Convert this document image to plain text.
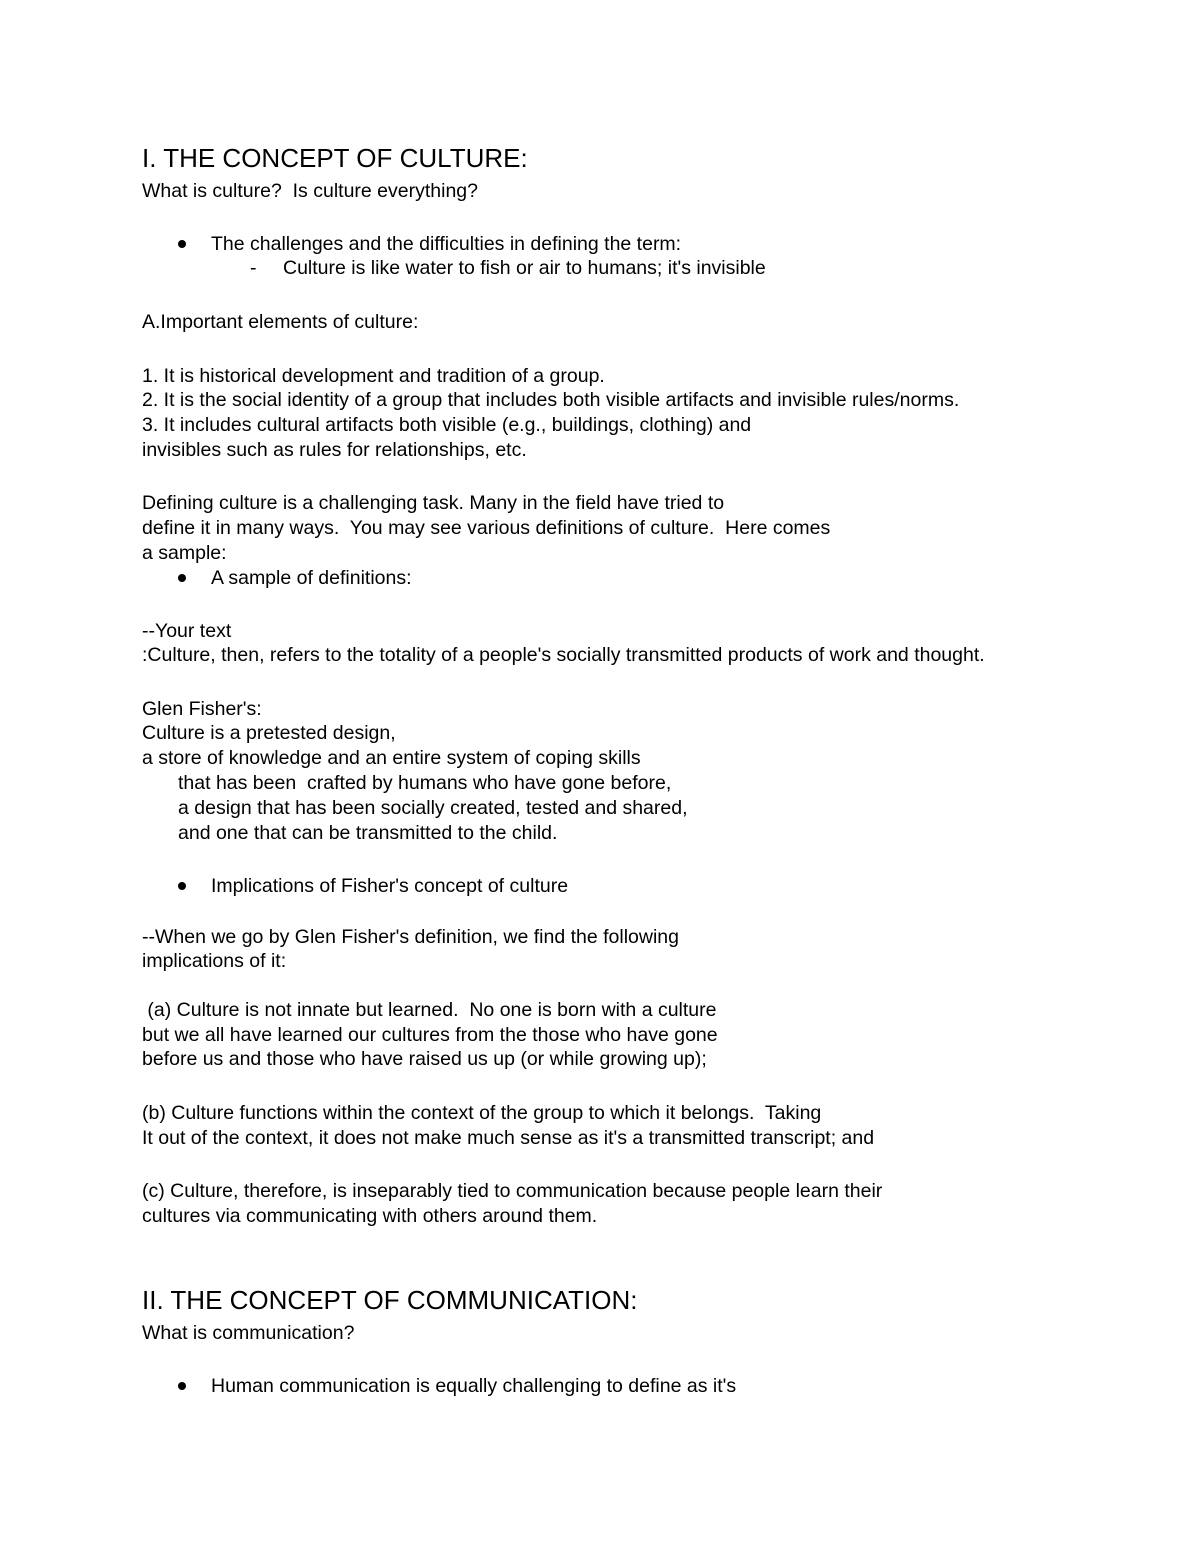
I. THE CONCEPT OF CULTURE:
What is culture?  Is culture everything?
The challenges and the difficulties in defining the term:
- Culture is like water to fish or air to humans; it's invisible
A.Important elements of culture:
1. It is historical development and tradition of a group.
2. It is the social identity of a group that includes both visible artifacts and invisible rules/norms.
3. It includes cultural artifacts both visible (e.g., buildings, clothing) and
invisibles such as rules for relationships, etc.
Defining culture is a challenging task. Many in the field have tried to
define it in many ways.  You may see various definitions of culture.  Here comes
a sample:
A sample of definitions:
--Your text
:Culture, then, refers to the totality of a people's socially transmitted products of work and thought.
Glen Fisher's:
Culture is a pretested design,
a store of knowledge and an entire system of coping skills
that has been  crafted by humans who have gone before,
a design that has been socially created, tested and shared,
and one that can be transmitted to the child.
Implications of Fisher's concept of culture
--When we go by Glen Fisher's definition, we find the following
implications of it:
(a) Culture is not innate but learned.  No one is born with a culture
but we all have learned our cultures from the those who have gone
before us and those who have raised us up (or while growing up);
(b) Culture functions within the context of the group to which it belongs.  Taking
It out of the context, it does not make much sense as it's a transmitted transcript; and
(c) Culture, therefore, is inseparably tied to communication because people learn their
cultures via communicating with others around them.
II. THE CONCEPT OF COMMUNICATION:
What is communication?
Human communication is equally challenging to define as it's
